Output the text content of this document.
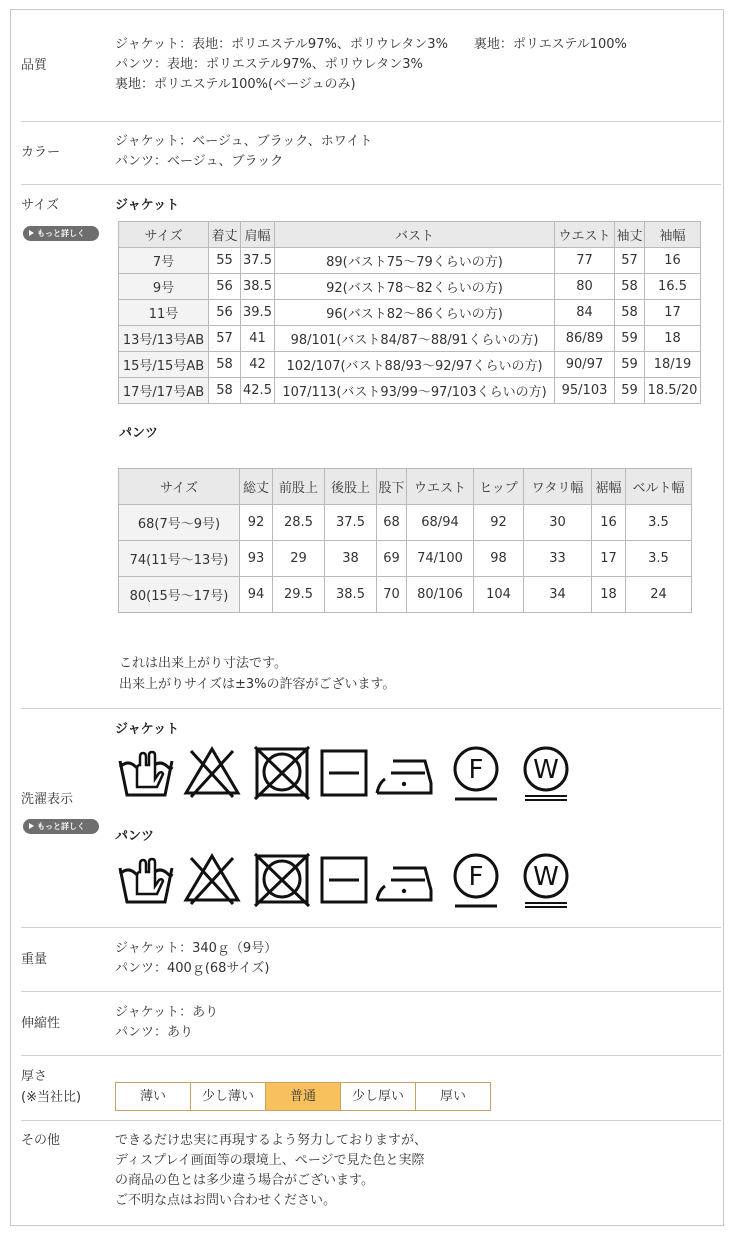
品質
ジャケット：表地：ポリエステル97%、ポリウレタン3%　　裏地：ポリエステル100%
パンツ：表地：ポリエステル97%、ポリウレタン3%
裏地：ポリエステル100%(ベージュのみ)
カラー
ジャケット：ベージュ、ブラック、ホワイト
パンツ：ベージュ、ブラック
サイズ
もっと詳しく
ジャケット
サイズ	着丈	肩幅	バスト	ウエスト	袖丈	袖幅
7号	55	37.5	89(バスト75～79くらいの方)	77	57	16
9号	56	38.5	92(バスト78～82くらいの方)	80	58	16.5
11号	56	39.5	96(バスト82～86くらいの方)	84	58	17
13号/13号AB	57	41	98/101(バスト84/87～88/91くらいの方)	86/89	59	18
15号/15号AB	58	42	102/107(バスト88/93～92/97くらいの方)	90/97	59	18/19
17号/17号AB	58	42.5	107/113(バスト93/99～97/103くらいの方)	95/103	59	18.5/20
パンツ
サイズ	総丈	前股上	後股上	股下	ウエスト	ヒップ	ワタリ幅	裾幅	ベルト幅
68(7号～9号)	92	28.5	37.5	68	68/94	92	30	16	3.5
74(11号～13号)	93	29	38	69	74/100	98	33	17	3.5
80(15号～17号)	94	29.5	38.5	70	80/106	104	34	18	24
これは出来上がり寸法です。
出来上がりサイズは±3%の許容がございます。
洗濯表示
もっと詳しく
ジャケット
F W
パンツ
F W
重量
ジャケット：340ｇ（9号）
パンツ：400ｇ(68サイズ)
伸縮性
ジャケット：あり
パンツ：あり
厚さ
(※当社比)	薄い	少し薄い	普通	少し厚い	厚い
その他	できるだけ忠実に再現するよう努力しておりますが、
ディスプレイ画面等の環境上、ページで見た色と実際
の商品の色とは多少違う場合がございます。
ご不明な点はお問い合わせください。
